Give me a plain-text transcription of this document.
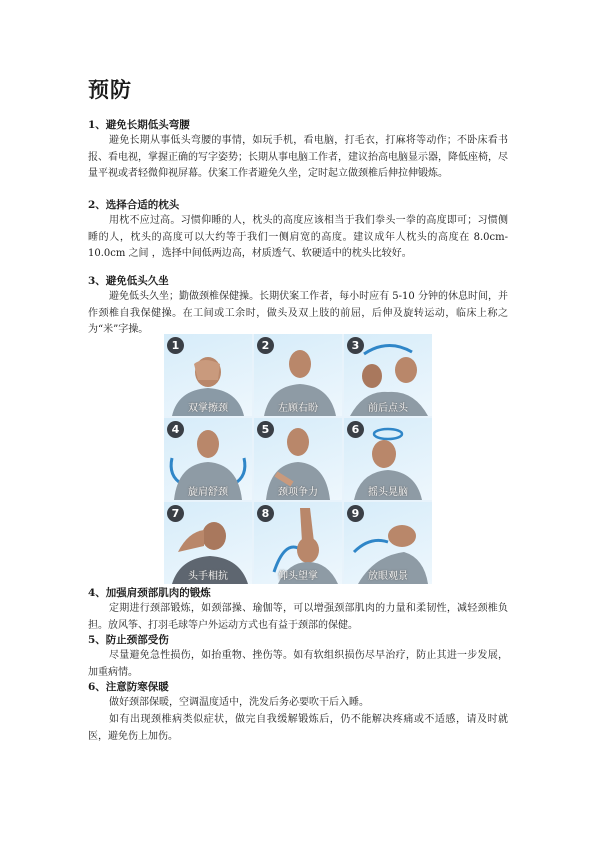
预防
1、避免长期低头弯腰

避免长期从事低头弯腰的事情，如玩手机，看电脑，打毛衣，打麻将等动作；不卧床看书报、看电视，掌握正确的写字姿势；长期从事电脑工作者，建议抬高电脑显示器，降低座椅，尽量平视或者轻微仰视屏幕。伏案工作者避免久坐，定时起立做颈椎后伸拉伸锻炼。

2、选择合适的枕头

用枕不应过高。习惯仰睡的人，枕头的高度应该相当于我们拳头一拳的高度即可；习惯侧睡的人，枕头的高度可以大约等于我们一侧肩宽的高度。建议成年人枕头的高度在 8.0cm-10.0cm 之间 ，选择中间低两边高，材质透气、软硬适中的枕头比较好。

3、避免低头久坐

避免低头久坐；勤做颈椎保健操。长期伏案工作者，每小时应有 5-10 分钟的休息时间，并作颈椎自我保健操。在工间或工余时，做头及双上肢的前屈，后伸及旋转运动，临床上称之为“米”字操。

1
双掌擦颈
2
左顾右盼
3
前后点头
4
旋肩舒颈
5
颈项争力
6
摇头晃脑
7
头手相抗
8
仰头望掌
9
放眼观景
4、加强肩颈部肌肉的锻炼

定期进行颈部锻炼，如颈部操、瑜伽等，可以增强颈部肌肉的力量和柔韧性，减轻颈椎负担。放风筝、打羽毛球等户外运动方式也有益于颈部的保健。

5、防止颈部受伤

尽量避免急性损伤，如抬重物、挫伤等。如有软组织损伤尽早治疗，防止其进一步发展，加重病情。

6、注意防寒保暖

做好颈部保暖，空调温度适中，洗发后务必要吹干后入睡。

如有出现颈椎病类似症状，做完自我缓解锻炼后，仍不能解决疼痛或不适感，请及时就医，避免伤上加伤。
